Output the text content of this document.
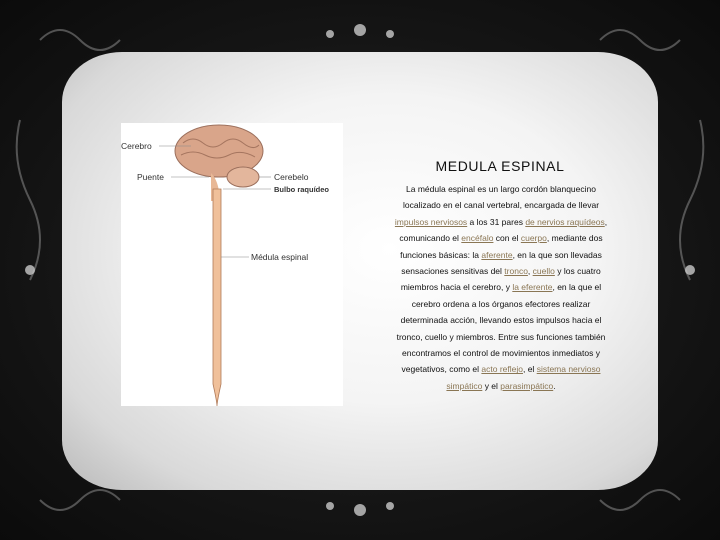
Cerebro
Puente	Cerebelo
Bulbo raquídeo
Médula espinal
MEDULA ESPINAL
La médula espinal es un largo cordón blanquecino localizado en el canal vertebral, encargada de llevar impulsos nerviosos a los 31 pares de nervios raquídeos, comunicando el encéfalo con el cuerpo, mediante dos funciones básicas: la aferente, en la que son llevadas sensaciones sensitivas del tronco, cuello y los cuatro miembros hacia el cerebro, y la eferente, en la que el cerebro ordena a los órganos efectores realizar determinada acción, llevando estos impulsos hacia el tronco, cuello y miembros. Entre sus funciones también encontramos el control de movimientos inmediatos y vegetativos, como el acto reflejo, el sistema nervioso simpático y el parasimpático.
